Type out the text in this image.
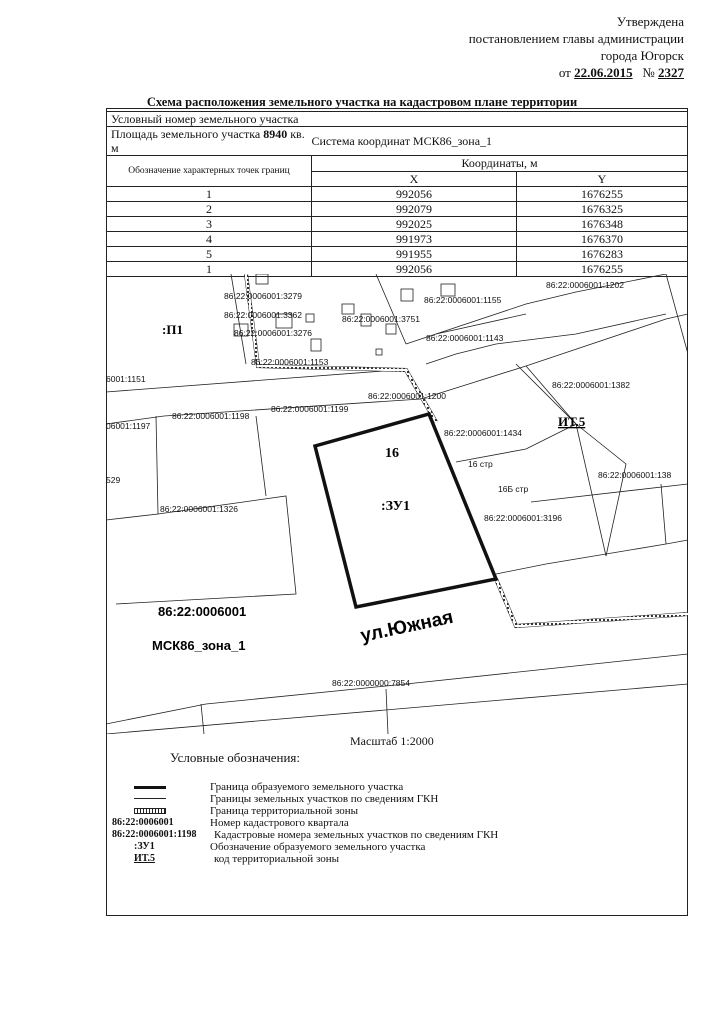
Утверждена
постановлением главы администрации
города Югорск
от 22.06.2015 № 2327
Схема расположения земельного участка на кадастровом плане территории
Условный номер земельного участка		
Площадь земельного участка 8940 кв. м	Система координат МСК86_зона_1	
Обозначение характерных точек границ	Координаты, м	
	X	Y
1	992056	1676255
2	992079	1676325
3	992025	1676348
4	991973	1676370
5	991955	1676283
1	992056	1676255
86:22:0006001:3279	86:22:0006001:1155
86:22:0006001:1202
86:22:0006001:3362	86:22:0006001:3751
86:22:0006001:3276	86:22:0006001:1143
86:22:0006001:1153
6001:1151
86:22:0006001:1382
86:22:0006001:1200
86:22:0006001:1198
86:22:0006001:1199
06001:1197
86:22:0006001:1434
86:22:0006001:138
529
86:22:0006001:1326
86:22:0006001:3196
86:22:0000000:7854
16 стр
16Б стр
:П1
ИТ.5
16
:ЗУ1
86:22:0006001
МСК86_зона_1	ул.Южная
Масштаб 1:2000
Условные обозначения:
Граница образуемого земельного участка
Границы земельных участков по сведениям ГКН
Граница территориальной зоны
86:22:0006001	Номер кадастрового квартала
86:22:0006001:1198 Кадастровые номера земельных участков по сведениям ГКН
:ЗУ1	Обозначение образуемого земельного участка
ИТ.5	код территориальной зоны
